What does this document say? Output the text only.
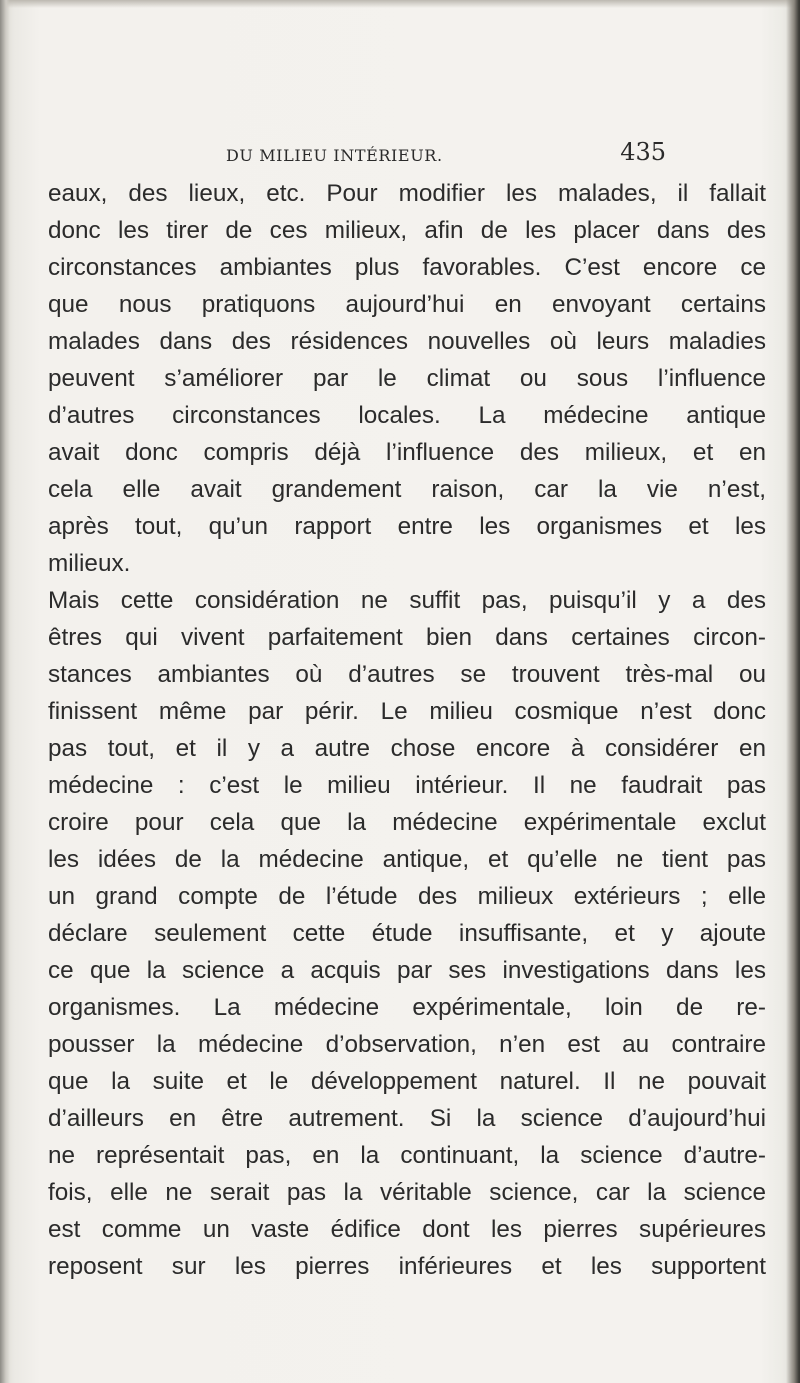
DU MILIEU INTÉRIEUR.	435
eaux, des lieux, etc. Pour modifier les malades, il fallait
donc les tirer de ces milieux, afin de les placer dans des
circonstances ambiantes plus favorables. C’est encore ce
que nous pratiquons aujourd’hui en envoyant certains
malades dans des résidences nouvelles où leurs maladies
peuvent s’améliorer par le climat ou sous l’influence
d’autres circonstances locales. La médecine antique
avait donc compris déjà l’influence des milieux, et en
cela elle avait grandement raison, car la vie n’est,
après tout, qu’un rapport entre les organismes et les
milieux.
Mais cette considération ne suffit pas, puisqu’il y a des
êtres qui vivent parfaitement bien dans certaines circon-
stances ambiantes où d’autres se trouvent très-mal ou
finissent même par périr. Le milieu cosmique n’est donc
pas tout, et il y a autre chose encore à considérer en
médecine : c’est le milieu intérieur. Il ne faudrait pas
croire pour cela que la médecine expérimentale exclut
les idées de la médecine antique, et qu’elle ne tient pas
un grand compte de l’étude des milieux extérieurs ; elle
déclare seulement cette étude insuffisante, et y ajoute
ce que la science a acquis par ses investigations dans les
organismes. La médecine expérimentale, loin de re-
pousser la médecine d’observation, n’en est au contraire
que la suite et le développement naturel. Il ne pouvait
d’ailleurs en être autrement. Si la science d’aujourd’hui
ne représentait pas, en la continuant, la science d’autre-
fois, elle ne serait pas la véritable science, car la science
est comme un vaste édifice dont les pierres supérieures
reposent sur les pierres inférieures et les supportent
